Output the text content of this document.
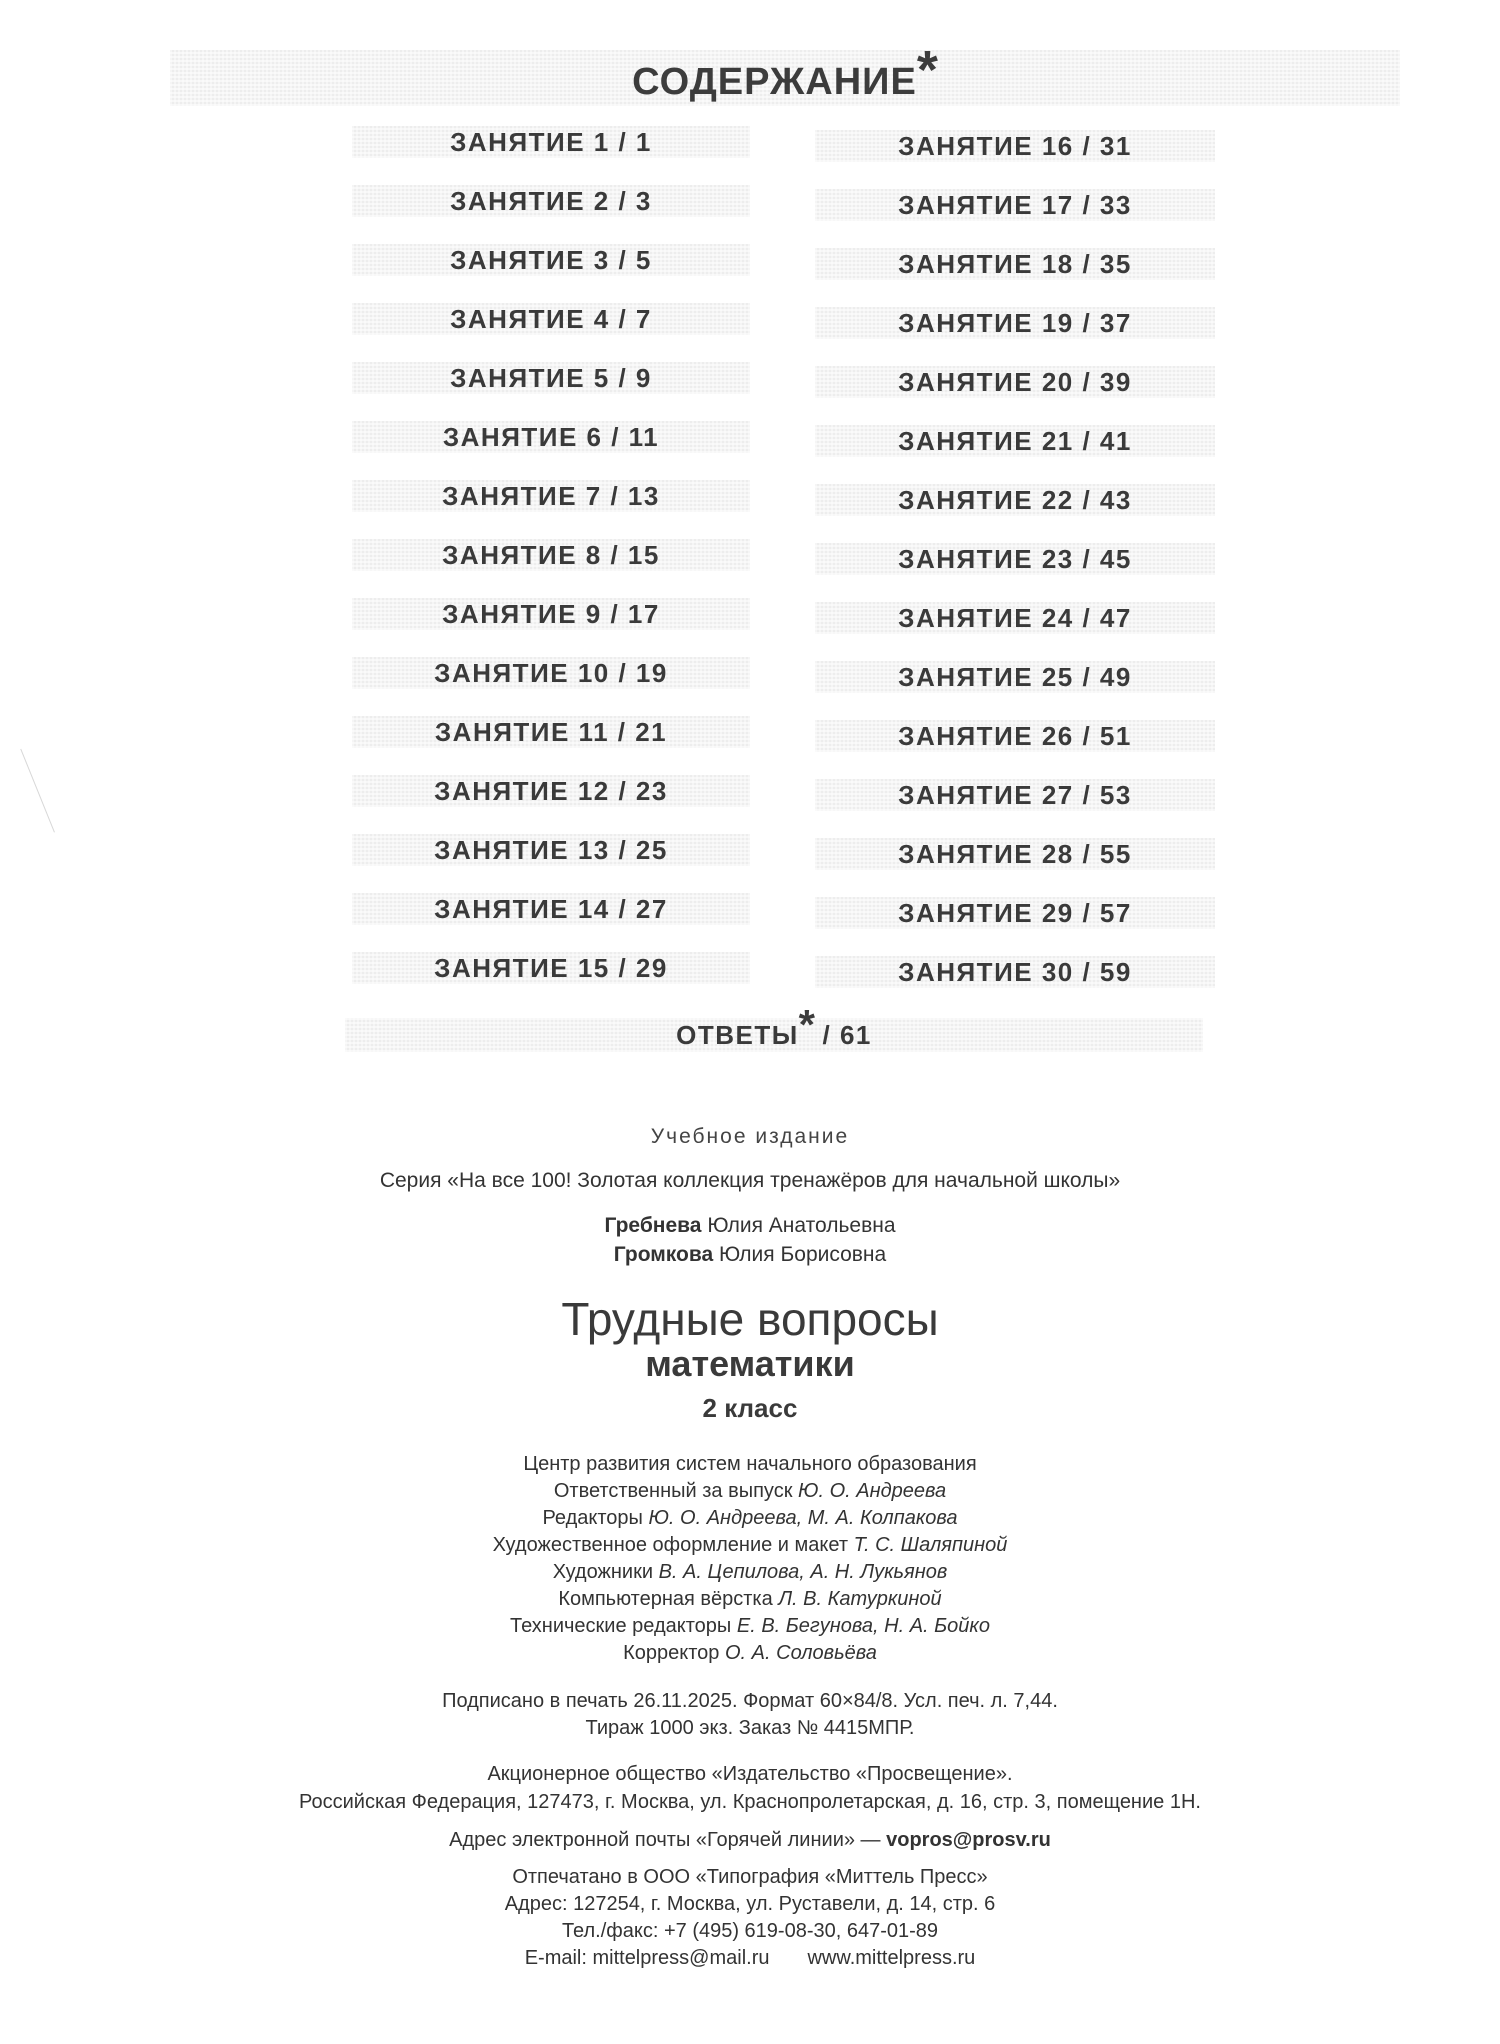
СОДЕРЖАНИЕ *
ЗАНЯТИЕ 1 / 1
ЗАНЯТИЕ 2 / 3
ЗАНЯТИЕ 3 / 5
ЗАНЯТИЕ 4 / 7
ЗАНЯТИЕ 5 / 9
ЗАНЯТИЕ 6 / 11
ЗАНЯТИЕ 7 / 13
ЗАНЯТИЕ 8 / 15
ЗАНЯТИЕ 9 / 17
ЗАНЯТИЕ 10 / 19
ЗАНЯТИЕ 11 / 21
ЗАНЯТИЕ 12 / 23
ЗАНЯТИЕ 13 / 25
ЗАНЯТИЕ 14 / 27
ЗАНЯТИЕ 15 / 29
ЗАНЯТИЕ 16 / 31
ЗАНЯТИЕ 17 / 33
ЗАНЯТИЕ 18 / 35
ЗАНЯТИЕ 19 / 37
ЗАНЯТИЕ 20 / 39
ЗАНЯТИЕ 21 / 41
ЗАНЯТИЕ 22 / 43
ЗАНЯТИЕ 23 / 45
ЗАНЯТИЕ 24 / 47
ЗАНЯТИЕ 25 / 49
ЗАНЯТИЕ 26 / 51
ЗАНЯТИЕ 27 / 53
ЗАНЯТИЕ 28 / 55
ЗАНЯТИЕ 29 / 57
ЗАНЯТИЕ 30 / 59
ОТВЕТЫ * / 61
Учебное издание
Серия «На все 100! Золотая коллекция тренажёров для начальной школы»
Гребнева Юлия Анатольевна
Громкова Юлия Борисовна
Трудные вопросы
математики
2 класс
Центр развития систем начального образования
Ответственный за выпуск Ю. О. Андреева
Редакторы Ю. О. Андреева, М. А. Колпакова
Художественное оформление и макет Т. С. Шаляпиной
Художники В. А. Цепилова, А. Н. Лукьянов
Компьютерная вёрстка Л. В. Катуркиной
Технические редакторы Е. В. Бегунова, Н. А. Бойко
Корректор О. А. Соловьёва
Подписано в печать 26.11.2025. Формат 60×84/8. Усл. печ. л. 7,44.
Тираж 1000 экз. Заказ № 4415МПР.
Акционерное общество «Издательство «Просвещение».
Российская Федерация, 127473, г. Москва, ул. Краснопролетарская, д. 16, стр. 3, помещение 1Н.
Адрес электронной почты «Горячей линии» — vopros@prosv.ru
Отпечатано в ООО «Типография «Миттель Пресс»
Адрес: 127254, г. Москва, ул. Руставели, д. 14, стр. 6
Тел./факс: +7 (495) 619-08-30, 647-01-89
E-mail: mittelpress@mail.ru www.mittelpress.ru
